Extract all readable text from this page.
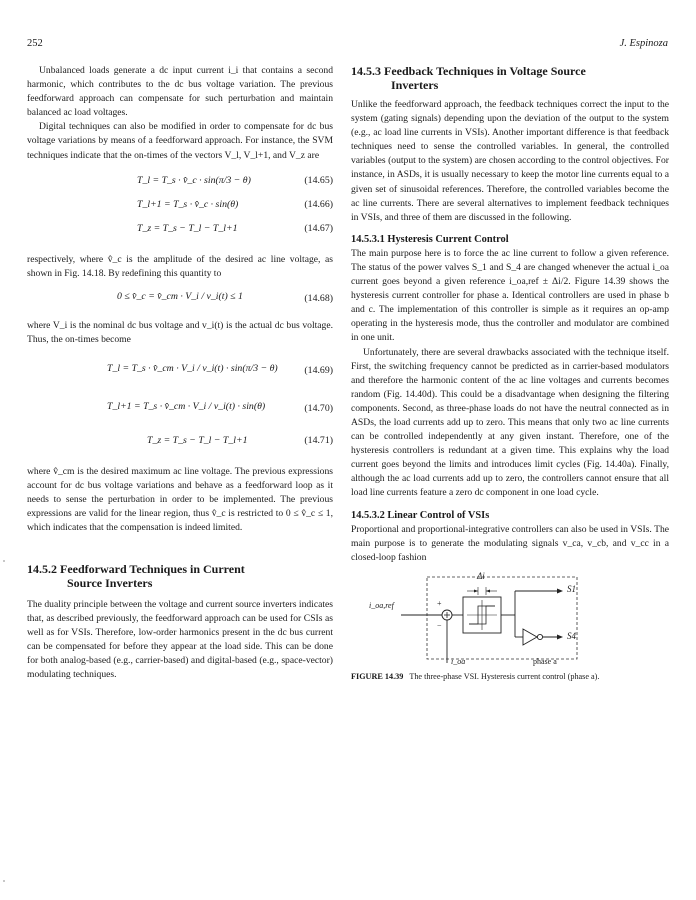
252	J. Espinoza

Unbalanced loads generate a dc input current i_i that contains a second harmonic, which contributes to the dc bus voltage variation. The previous feedforward approach can compensate for such perturbation and maintain balanced ac load voltages.

Digital techniques can also be modified in order to compensate for dc bus voltage variations by means of a feedforward approach. For instance, the SVM techniques indicate that the on-times of the vectors V_l, V_l+1, and V_z are

T_l = T_s · v̂_c · sin(π/3 − θ)	(14.65)
T_l+1 = T_s · v̂_c · sin(θ)	(14.66)
T_z = T_s − T_l − T_l+1	(14.67)

respectively, where v̂_c is the amplitude of the desired ac line voltage, as shown in Fig. 14.18. By redefining this quantity to

0 ≤ v̂_c = v̂_cm · V_i / v_i(t) ≤ 1	(14.68)

where V_i is the nominal dc bus voltage and v_i(t) is the actual dc bus voltage. Thus, the on-times become

T_l = T_s · v̂_cm · V_i / v_i(t) · sin(π/3 − θ)	(14.69)
T_l+1 = T_s · v̂_cm · V_i / v_i(t) · sin(θ)	(14.70)
T_z = T_s − T_l − T_l+1	(14.71)

where v̂_cm is the desired maximum ac line voltage. The previous expressions account for dc bus voltage variations and behave as a feedforward loop as it needs to sense the perturbation in order to be implemented. The previous expressions are valid for the linear region, thus v̂_c is restricted to 0 ≤ v̂_c ≤ 1, which indicates that the compensation is indeed limited.

14.5.2 Feedforward Techniques in Current
Source Inverters

The duality principle between the voltage and current source inverters indicates that, as described previously, the feedforward approach can be used for CSIs as well as for VSIs. Therefore, low-order harmonics present in the dc bus current can be compensated for before they appear at the load side. This can be done for both analog-based (e.g., carrier-based) and digital-based (e.g., space-vector) modulating techniques.

14.5.3 Feedback Techniques in Voltage Source
Inverters

Unlike the feedforward approach, the feedback techniques correct the input to the system (gating signals) depending upon the deviation of the output to the system (e.g., ac load line currents in VSIs). Another important difference is that feedback techniques need to sense the controlled variables. In general, the controlled variables (output to the system) are chosen according to the control objectives. For instance, in ASDs, it is usually necessary to keep the motor line currents equal to a given set of sinusoidal references. Therefore, the controlled variables become the ac line currents. There are several alternatives to implement feedback techniques in VSIs, and three of them are discussed in the following.

14.5.3.1 Hysteresis Current Control

The main purpose here is to force the ac line current to follow a given reference. The status of the power valves S_1 and S_4 are changed whenever the actual i_oa current goes beyond a given reference i_oa,ref ± Δi/2. Figure 14.39 shows the hysteresis current controller for phase a. Identical controllers are used in phase b and c. The implementation of this controller is simple as it requires an op-amp operating in the hysteresis mode, thus the controller and modulator are combined in one unit.

Unfortunately, there are several drawbacks associated with the technique itself. First, the switching frequency cannot be predicted as in carrier-based modulators and therefore the harmonic content of the ac line voltages and currents becomes random (Fig. 14.40d). This could be a disadvantage when designing the filtering components. Second, as three-phase loads do not have the neutral connected as in ASDs, the load currents add up to zero. This means that only two ac line currents can be controlled independently at any given instant. Therefore, one of the hysteresis controllers is redundant at a given time. This explains why the load current goes beyond the limits and introduces limit cycles (Fig. 14.40a). Finally, although the ac load currents add up to zero, the controllers cannot ensure that all load line currents feature a zero dc component in one load cycle.

14.5.3.2 Linear Control of VSIs

Proportional and proportional-integrative controllers can also be used in VSIs. The main purpose is to generate the modulating signals v_ca, v_cb, and v_cc in a closed-loop fashion

Δi
i_oa,ref	+
−
S1
S4
i_oa	phase a
FIGURE 14.39 The three-phase VSI. Hysteresis current control (phase a).
